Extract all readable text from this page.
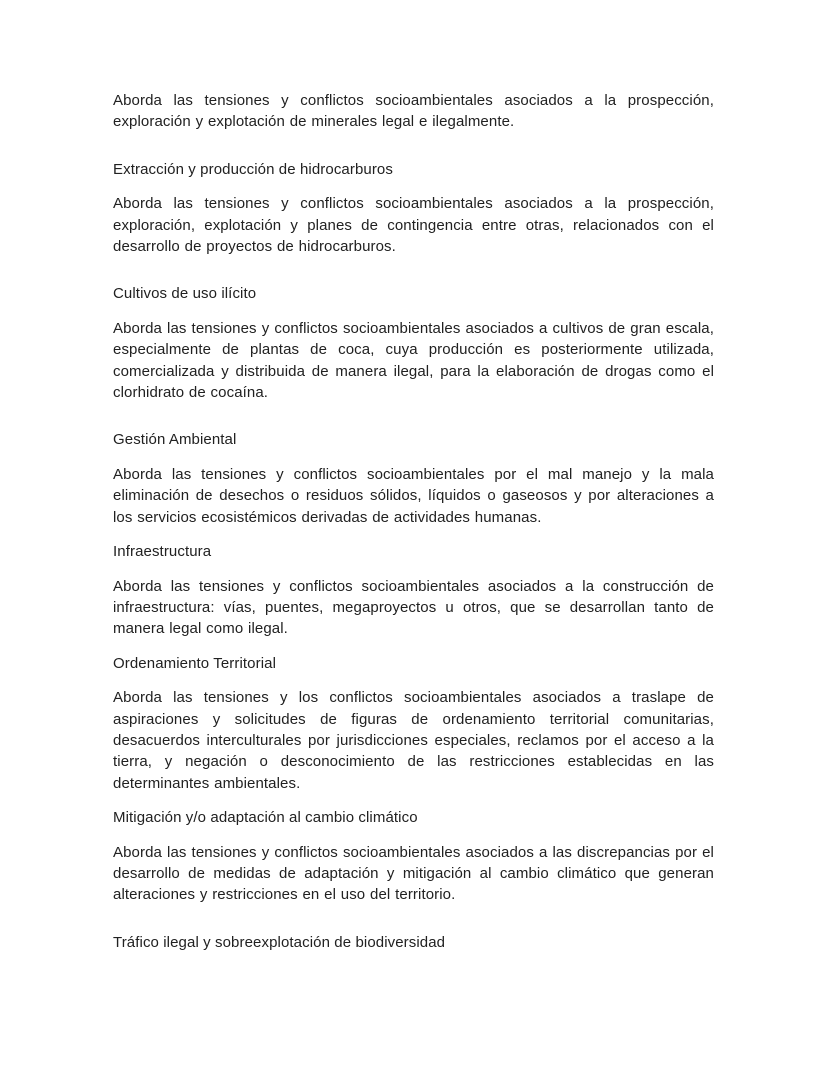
Aborda las tensiones y conflictos socioambientales asociados a la prospección, exploración y explotación de minerales legal e ilegalmente.

Extracción y producción de hidrocarburos

Aborda las tensiones y conflictos socioambientales asociados a la prospección, exploración, explotación y planes de contingencia entre otras, relacionados con el desarrollo de proyectos de hidrocarburos.

Cultivos de uso ilícito

Aborda las tensiones y conflictos socioambientales asociados a cultivos de gran escala, especialmente de plantas de coca, cuya producción es posteriormente utilizada, comercializada y distribuida de manera ilegal, para la elaboración de drogas como el clorhidrato de cocaína.

Gestión Ambiental

Aborda las tensiones y conflictos socioambientales por el mal manejo y la mala eliminación de desechos o residuos sólidos, líquidos o gaseosos y por alteraciones a los servicios ecosistémicos derivadas de actividades humanas.

Infraestructura

Aborda las tensiones y conflictos socioambientales asociados a la construcción de infraestructura: vías, puentes, megaproyectos u otros, que se desarrollan tanto de manera legal como ilegal.

Ordenamiento Territorial

Aborda las tensiones y los conflictos socioambientales asociados a traslape de aspiraciones y solicitudes de figuras de ordenamiento territorial comunitarias, desacuerdos interculturales por jurisdicciones especiales, reclamos por el acceso a la tierra, y negación o desconocimiento de las restricciones establecidas en las determinantes ambientales.

Mitigación y/o adaptación al cambio climático

Aborda las tensiones y conflictos socioambientales asociados a las discrepancias por el desarrollo de medidas de adaptación y mitigación al cambio climático que generan alteraciones y restricciones en el uso del territorio.

Tráfico ilegal y sobreexplotación de biodiversidad
